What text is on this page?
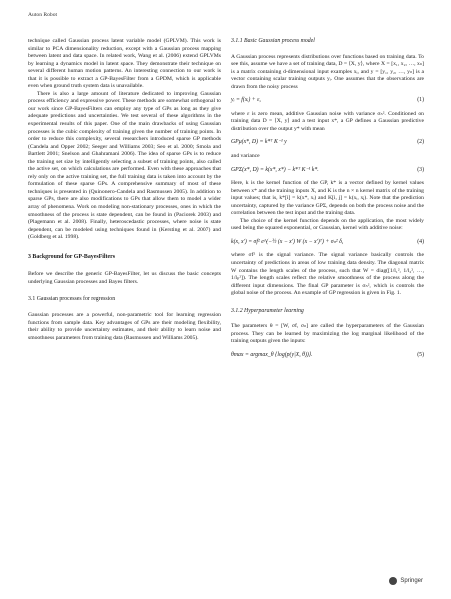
Auton Robot

technique called Gaussian process latent variable model (GPLVM). This work is similar to PCA dimensionality reduction, except with a Gaussian process mapping between latent and data space. In related work, Wang et al. (2006) extend GPLVMs by learning a dynamics model in latent space. They demonstrate their technique on several different human motion patterns. An interesting connection to our work is that it is possible to extract a GP-BayesFilter from a GPDM, which is applicable even when ground truth system data is unavailable.

There is also a large amount of literature dedicated to improving Gaussian process efficiency and expressive power. These methods are somewhat orthogonal to our work since GP-BayesFilters can employ any type of GPs as long as they give adequate predictions and uncertainties. We test several of these algorithms in the experimental results of this paper. One of the main drawbacks of using Gaussian processes is the cubic complexity of training given the number of training points. In order to reduce this complexity, several researchers introduced sparse GP methods (Candela and Opper 2002; Seeger and Williams 2003; Seo et al. 2000; Smola and Bartlett 2001; Snelson and Ghahramani 2006). The idea of sparse GPs is to reduce the training set size by intelligently selecting a subset of training points, also called the active set, on which calculations are performed. Even with these approaches that rely only on the active training set, the full training data is taken into account by the formulation of these sparse GPs. A comprehensive summary of most of these techniques is presented in (Quinonero-Candela and Rasmussen 2005). In addition to sparse GPs, there are also modifications to GPs that allow them to model a wider array of phenomena. Work on modeling non-stationary processes, ones in which the smoothness of the process is state dependent, can be found in (Paciorek 2003) and (Plagemann et al. 2008). Finally, heteroscedastic processes, where noise is state dependent, can be modeled using techniques found in (Kersting et al. 2007) and (Goldberg et al. 1998).

3 Background for GP-BayesFilters

Before we describe the generic GP-BayesFilter, let us discuss the basic concepts underlying Gaussian processes and Bayes filters.

3.1 Gaussian processes for regression

Gaussian processes are a powerful, non-parametric tool for learning regression functions from sample data. Key advantages of GPs are their modeling flexibility, their ability to provide uncertainty estimates, and their ability to learn noise and smoothness parameters from training data (Rasmussen and Williams 2005).

3.1.1 Basic Gaussian process model

A Gaussian process represents distributions over functions based on training data. To see this, assume we have a set of training data, D = ⟨X, y⟩, where X = [x₁, x₂, …, xₙ] is a matrix containing d-dimensional input examples xᵢ, and y = [y₁, y₂, …, yₙ] is a vector containing scalar training outputs yᵢ. One assumes that the observations are drawn from the noisy process

yᵢ = f(xᵢ) + ε,	(1)

where ε is zero mean, additive Gaussian noise with variance σₙ². Conditioned on training data D = ⟨X, y⟩ and a test input x*, a GP defines a Gaussian predictive distribution over the output y* with mean

GPμ(x*, D) = k*ᵀ K⁻¹ y	(2)

and variance

GPΣ(x*, D) = k(x*, x*) − k*ᵀ K⁻¹ k*.	(3)

Here, k is the kernel function of the GP, k* is a vector defined by kernel values between x* and the training inputs X, and K is the n × n kernel matrix of the training input values; that is, k*[i] = k(x*, xᵢ) and K[i, j] = k(xᵢ, xⱼ). Note that the prediction uncertainty, captured by the variance GPΣ, depends on both the process noise and the correlation between the test input and the training data.

The choice of the kernel function depends on the application, the most widely used being the squared exponential, or Gaussian, kernel with additive noise:

k(x, x′) = σf² e^(−½ (x − x′) W (x − x′)ᵀ) + σₙ² δ,	(4)

where σf² is the signal variance. The signal variance basically controls the uncertainty of predictions in areas of low training data density. The diagonal matrix W contains the length scales of the process, such that W = diag([1/l₁², 1/l₂², …, 1/lₚ²]). The length scales reflect the relative smoothness of the process along the different input dimensions. The final GP parameter is σₙ², which is controls the global noise of the process. An example of GP regression is given in Fig. 1.

3.1.2 Hyperparameter learning

The parameters θ = [W, σf, σₙ] are called the hyperparameters of the Gaussian process. They can be learned by maximizing the log marginal likelihood of the training outputs given the inputs:

θmax = argmax_θ {log(p(y|X, θ))}.	(5)
Springer
